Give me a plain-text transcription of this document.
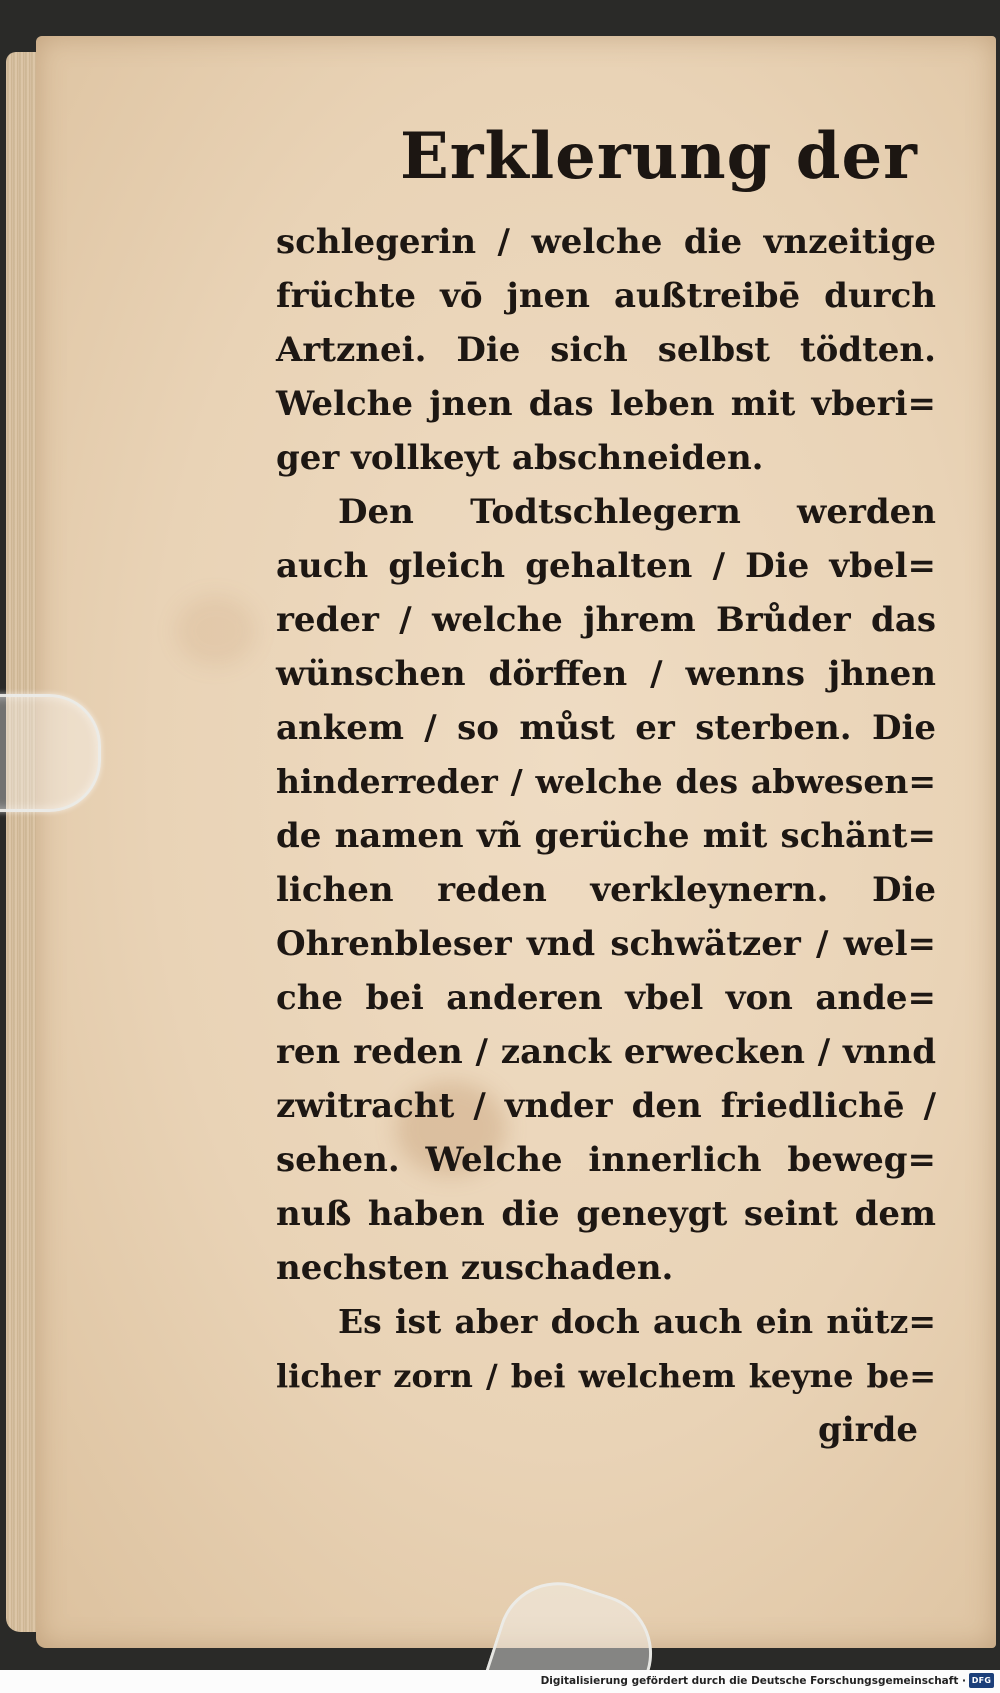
Erklerung der
schlegerin / welche die vnzeitige
früchte vō jnen außtreibē durch
Artznei. Die sich selbst tödten.
Welche jnen das leben mit vberi=
ger vollkeyt abschneiden.
Den Todtschlegern werden
auch gleich gehalten / Die vbel=
reder / welche jhrem Brůder das
wünschen dörffen / wenns jhnen
ankem / so můst er sterben. Die
hinderreder / welche des abwesen=
de namen vñ gerüche mit schänt=
lichen reden verkleynern. Die
Ohrenbleser vnd schwätzer / wel=
che bei anderen vbel von ande=
ren reden / zanck erwecken / vnnd
zwitracht / vnder den friedlichē /
sehen. Welche innerlich beweg=
nuß haben die geneygt seint dem
nechsten zuschaden.
Es ist aber doch auch ein nütz=
licher zorn / bei welchem keyne be=
girde
Digitalisierung gefördert durch die Deutsche Forschungsgemeinschaft · DFG
